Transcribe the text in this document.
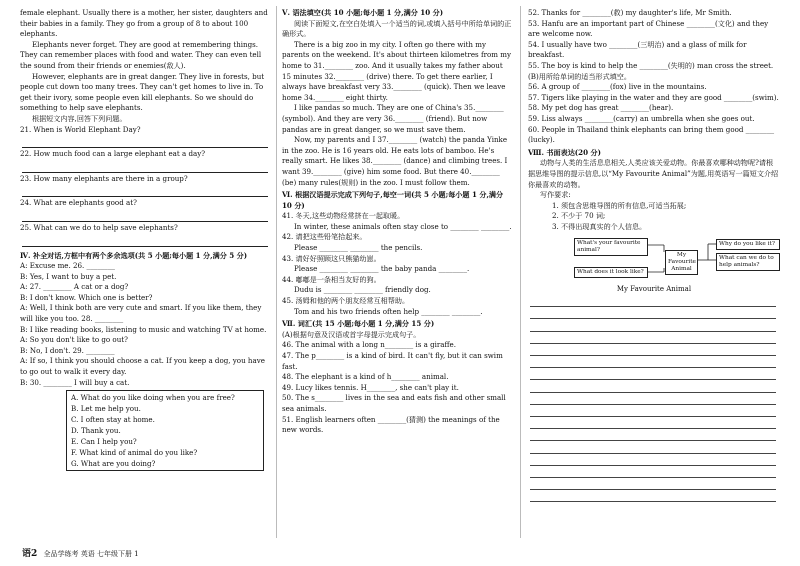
female elephant. Usually there is a mother, her sister, daughters and

their babies in a family. They go from a group of 8 to about 100

elephants.

Elephants never forget. They are good at remembering things. They can remember places with food and water. They can even tell the sound from their friends or enemies(敌人).

However, elephants are in great danger. They live in forests, but people cut down too many trees. They can't get homes to live in. To get their ivory, some people even kill elephants. So we should do something to help save elephants.

根据短文内容,回答下列问题。

21. When is World Elephant Day?

22. How much food can a large elephant eat a day?

23. How many elephants are there in a group?

24. What are elephants good at?

25. What can we do to help save elephants?

Ⅳ. 补全对话,方框中有两个多余选项(共 5 小题;每小题 1 分,满分 5 分)

A: Excuse me. 26. ________

B: Yes, I want to buy a pet.

A: 27. ________ A cat or a dog?

B: I don't know. Which one is better?

A: Well, I think both are very cute and smart. If you like them, they will like you too. 28. ________

B: I like reading books, listening to music and watching TV at home.

A: So you don't like to go out?

B: No, I don't. 29. ________

A: If so, I think you should choose a cat. If you keep a dog, you have to go out to walk it every day.

B: 30. ________ I will buy a cat.

A. What do you like doing when you are free?

B. Let me help you.

C. I often stay at home.

D. Thank you.

E. Can I help you?

F. What kind of animal do you like?

G. What are you doing?

Ⅴ. 语法填空(共 10 小题;每小题 1 分,满分 10 分)

阅读下面短文,在空白处填入一个适当的词,或填入括号中所给单词的正确形式。

There is a big zoo in my city. I often go there with my parents on the weekend. It's about thirteen kilometres from my home to 31.________ zoo. And it usually takes my father about 15 minutes 32.________ (drive) there. To get there earlier, I always have breakfast very 33.________ (quick). Then we leave home 34.________ eight thirty.

I like pandas so much. They are one of China's 35.________ (symbol). And they are very 36.________ (friend). But now pandas are in great danger, so we must save them.

Now, my parents and I 37.________ (watch) the panda Yinke in the zoo. He is 16 years old. He eats lots of bamboo. He's really smart. He likes 38.________ (dance) and climbing trees. I want 39.________ (give) him some food. But there 40.________ (be) many rules(规则) in the zoo. I must follow them.

Ⅵ. 根据汉语提示完成下列句子,每空一词(共 5 小题;每小题 1 分,满分 10 分)

41. 冬天,这些动物经常挤在一起取暖。

In winter, these animals often stay close to ________ ________.

42. 请把这些铅笔拾起来。

Please ________ ________ the pencils.

43. 请好好照顾这只熊猫幼崽。

Please ________ ________ the baby panda ________.

44. 嘟嘟是一条相当友好的狗。

Dudu is ________ ________ friendly dog.

45. 汤姆和他的两个朋友经常互相帮助。

Tom and his two friends often help ________ ________.

Ⅶ. 词汇(共 15 小题;每小题 1 分,满分 15 分)

(A)根据句意及汉语或首字母提示完成句子。

46. The animal with a long n________ is a giraffe.

47. The p________ is a kind of bird. It can't fly, but it can swim fast.

48. The elephant is a kind of h________ animal.

49. Lucy likes tennis. H________, she can't play it.

50. The s________ lives in the sea and eats fish and other small sea animals.

51. English learners often ________(猜测) the meanings of the new words.

52. Thanks for ________(救) my daughter's life, Mr Smith.

53. Hanfu are an important part of Chinese ________(文化) and they are welcome now.

54. I usually have two ________(三明治) and a glass of milk for breakfast.

55. The boy is kind to help the ________(失明的) man cross the street.

(B)用所给单词的适当形式填空。

56. A group of ________(fox) live in the mountains.

57. Tigers like playing in the water and they are good ________(swim).

58. My pet dog has great ________(hear).

59. Liss always ________(carry) an umbrella when she goes out.

60. People in Thailand think elephants can bring them good ________ (lucky).

Ⅷ. 书面表达(20 分)

动物与人类的生活息息相关,人类应该关爱动物。你最喜欢哪种动物呢?请根据思维导图的提示信息,以“My Favourite Animal”为题,用英语写一篇短文介绍你最喜欢的动物。

写作要求:

1. 须包含思维导图的所有信息,可适当拓展;

2. 不少于 70 词;

3. 不得出现真实的个人信息。

What's your favourite animal?
What does it look like?
My Favourite Animal
Why do you like it?
What can we do to help animals?
My Favourite Animal
语2 全品学练考 英语 七年级下册 1
